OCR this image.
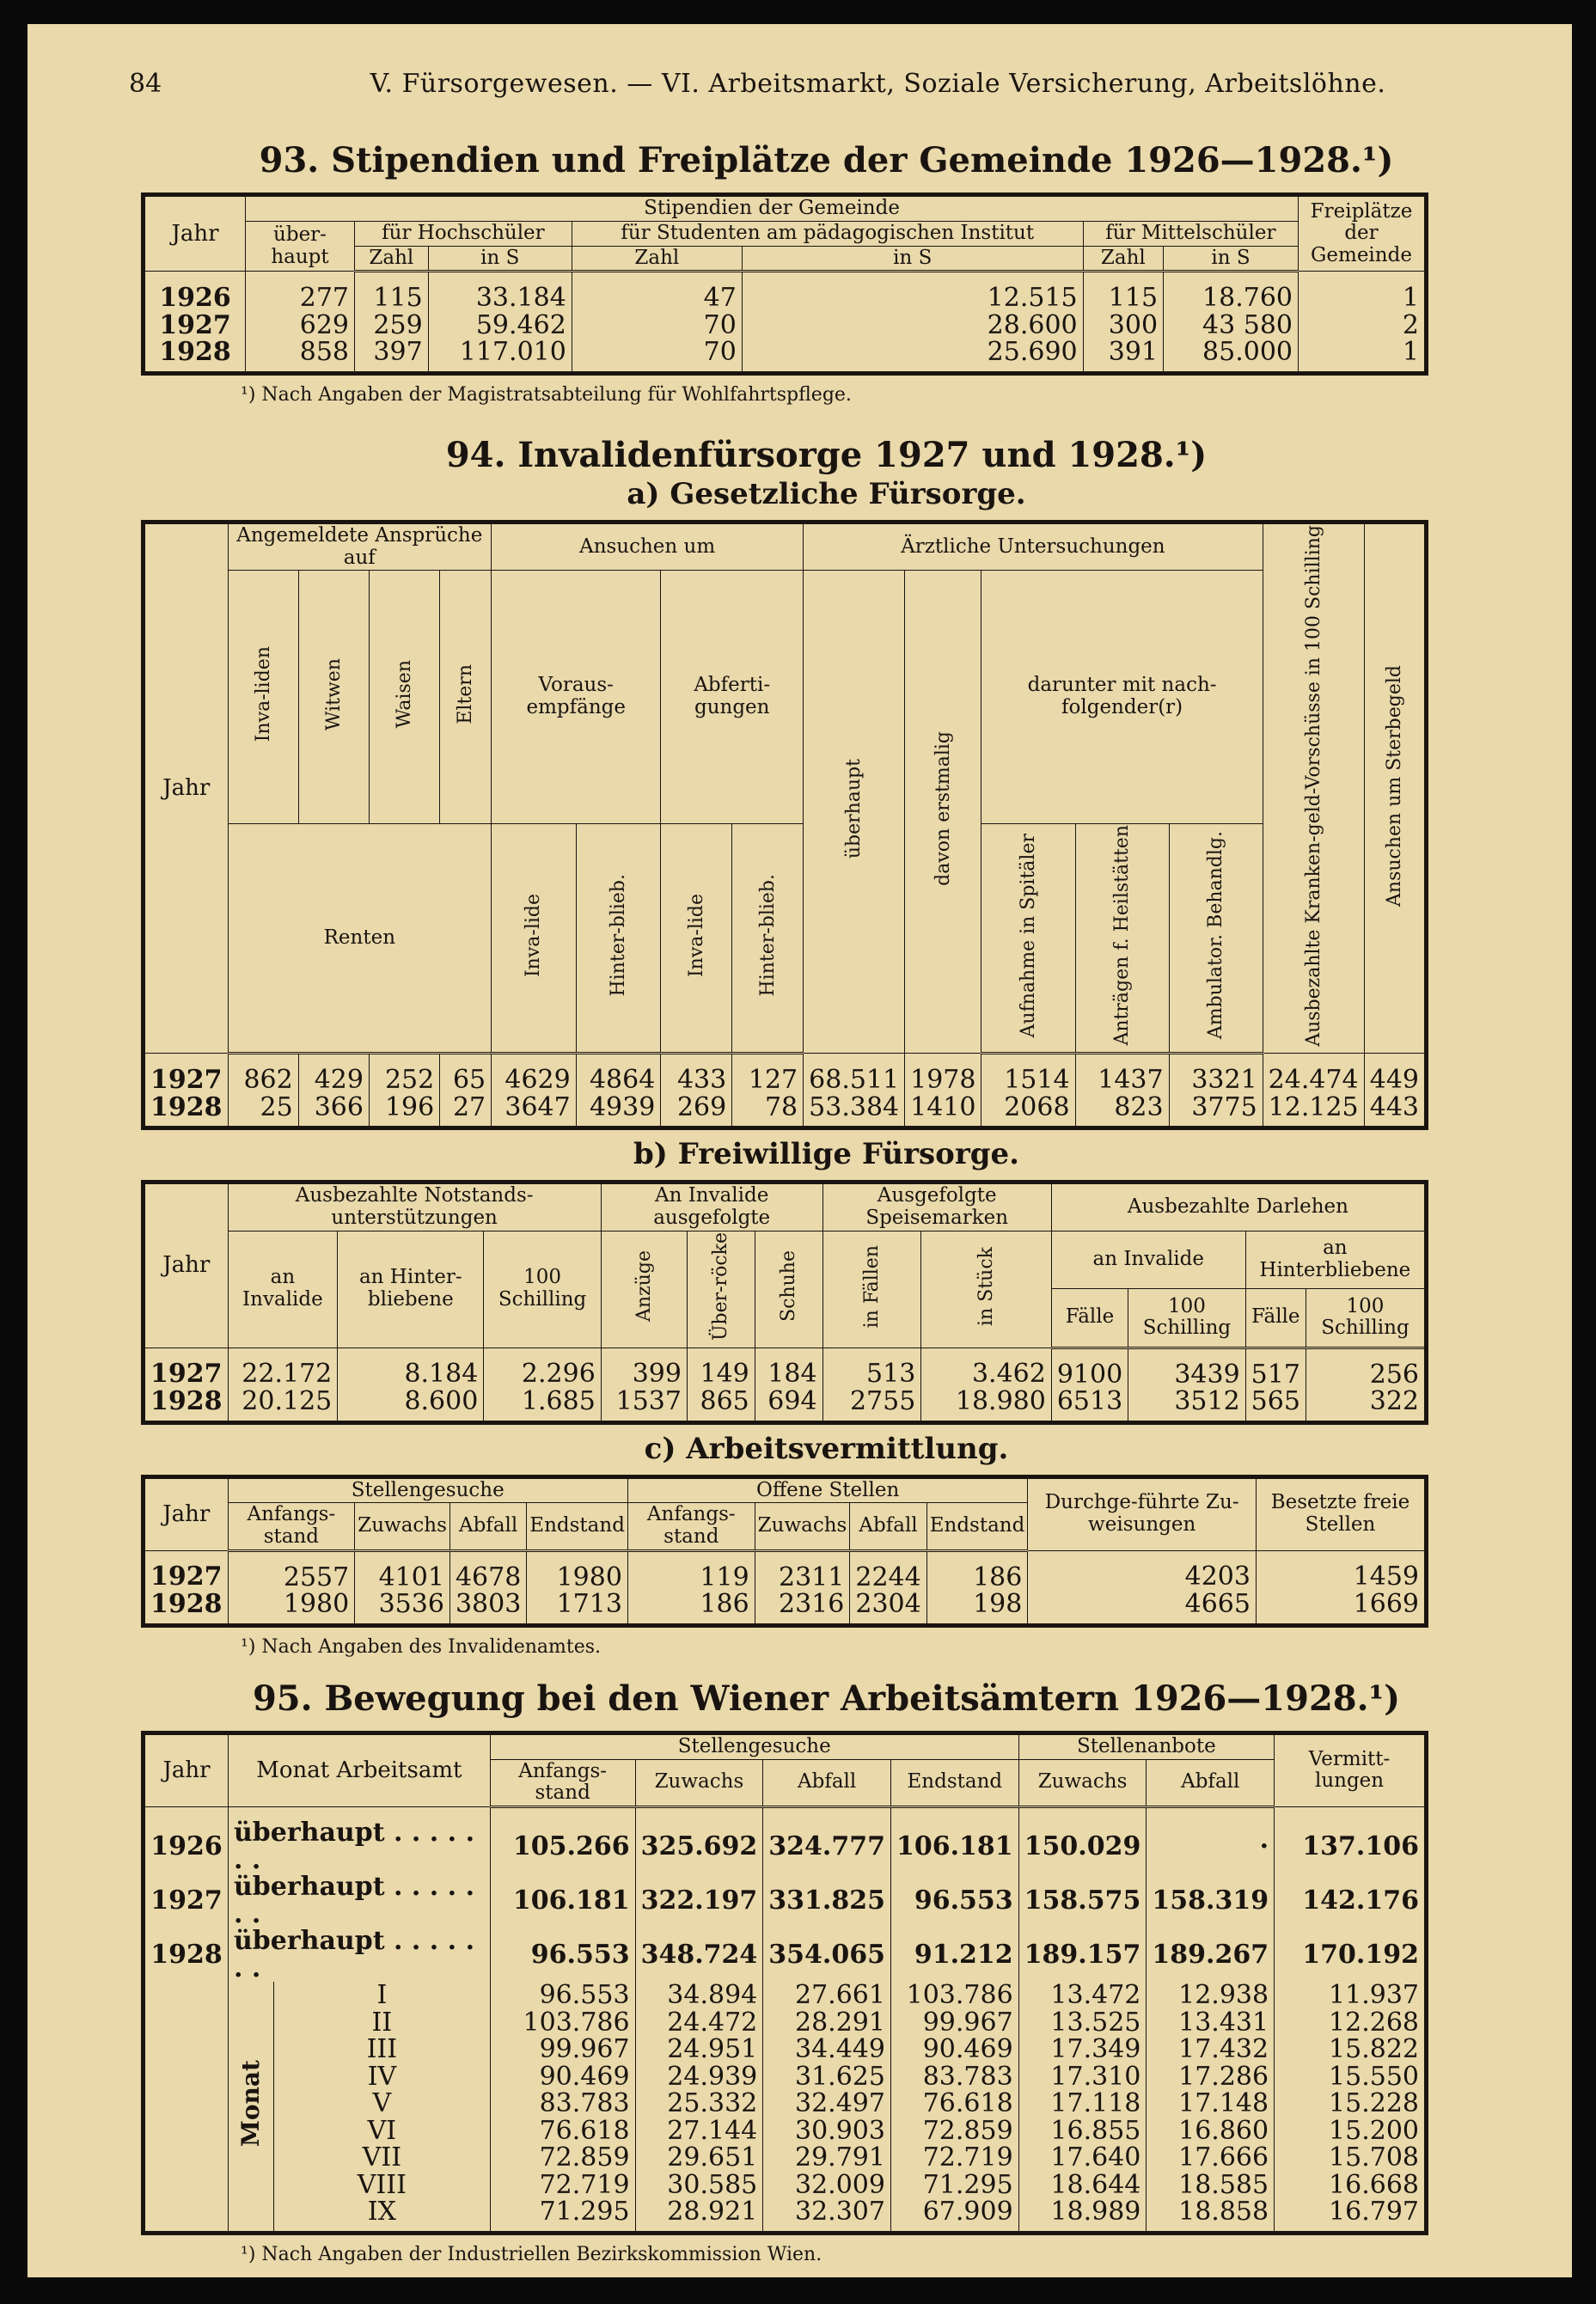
84	V. Fürsorgewesen. — VI. Arbeitsmarkt, Soziale Versicherung, Arbeitslöhne.
93. Stipendien und Freiplätze der Gemeinde 1926—1928.¹)
Jahr	Stipendien der Gemeinde							Freiplätze der Gemeinde
	über-haupt	für Hochschüler		für Studenten am pädagogischen Institut		für Mittelschüler		
		Zahl	in S	Zahl	in S	Zahl	in S	
1926	277	115	33.184	47	12.515	115	18.760	1
1927	629	259	59.462	70	28.600	300	43 580	2
1928	858	397	117.010	70	25.690	391	85.000	1
¹) Nach Angaben der Magistratsabteilung für Wohlfahrtspflege.
94. Invalidenfürsorge 1927 und 1928.¹)
a) Gesetzliche Fürsorge.
Jahr	Angemeldete Ansprüche auf				Ansuchen um				Ärztliche Untersuchungen					Ausbezahlte Kranken-geld-Vorschüsse in 100 Schilling	Ansuchen um Sterbegeld
	Inva-liden	Witwen	Waisen	Eltern	Voraus-empfänge		Abferti-gungen		überhaupt	davon erstmalig	darunter mit nach-folgender(r)				
	Renten				Inva-lide	Hinter-blieb.	Inva-lide	Hinter-blieb.			Aufnahme in Spitäler	Anträgen f. Heilstätten	Ambulator. Behandlg.		
1927	862	429	252	65	4629	4864	433	127	68.511	1978	1514	1437	3321	24.474	449
1928	25	366	196	27	3647	4939	269	78	53.384	1410	2068	823	3775	12.125	443
b) Freiwillige Fürsorge.
Jahr	Ausbezahlte Notstands-unterstützungen			An Invalide ausgefolgte			Ausgefolgte Speisemarken		Ausbezahlte Darlehen			
	an Invalide	an Hinter-bliebene	100 Schilling	Anzüge	Über-röcke	Schuhe	in Fällen	in Stück	an Invalide		an Hinterbliebene	
									Fälle	100 Schilling	Fälle	100 Schilling
1927	22.172	8.184	2.296	399	149	184	513	3.462	9100	3439	517	256
1928	20.125	8.600	1.685	1537	865	694	2755	18.980	6513	3512	565	322
c) Arbeitsvermittlung.
Jahr	Stellengesuche				Offene Stellen				Durchge-führte Zu-weisungen	Besetzte freie Stellen
	Anfangs-stand	Zuwachs	Abfall	Endstand	Anfangs-stand	Zuwachs	Abfall	Endstand		
1927	2557	4101	4678	1980	119	2311	2244	186	4203	1459
1928	1980	3536	3803	1713	186	2316	2304	198	4665	1669
¹) Nach Angaben des Invalidenamtes.
95. Bewegung bei den Wiener Arbeitsämtern 1926—1928.¹)
Jahr	Monat Arbeitsamt		Stellengesuche				Stellenanbote		Vermitt-lungen
			Anfangs-stand	Zuwachs	Abfall	Endstand	Zuwachs	Abfall	
1926	überhaupt . . . . . . .		105.266	325.692	324.777	106.181	150.029	·	137.106
1927	überhaupt . . . . . . .		106.181	322.197	331.825	96.553	158.575	158.319	142.176
1928	überhaupt . . . . . . .		96.553	348.724	354.065	91.212	189.157	189.267	170.192
	Monat	I	96.553	34.894	27.661	103.786	13.472	12.938	11.937
		II	103.786	24.472	28.291	99.967	13.525	13.431	12.268
		III	99.967	24.951	34.449	90.469	17.349	17.432	15.822
		IV	90.469	24.939	31.625	83.783	17.310	17.286	15.550
		V	83.783	25.332	32.497	76.618	17.118	17.148	15.228
		VI	76.618	27.144	30.903	72.859	16.855	16.860	15.200
		VII	72.859	29.651	29.791	72.719	17.640	17.666	15.708
		VIII	72.719	30.585	32.009	71.295	18.644	18.585	16.668
		IX	71.295	28.921	32.307	67.909	18.989	18.858	16.797
¹) Nach Angaben der Industriellen Bezirkskommission Wien.
